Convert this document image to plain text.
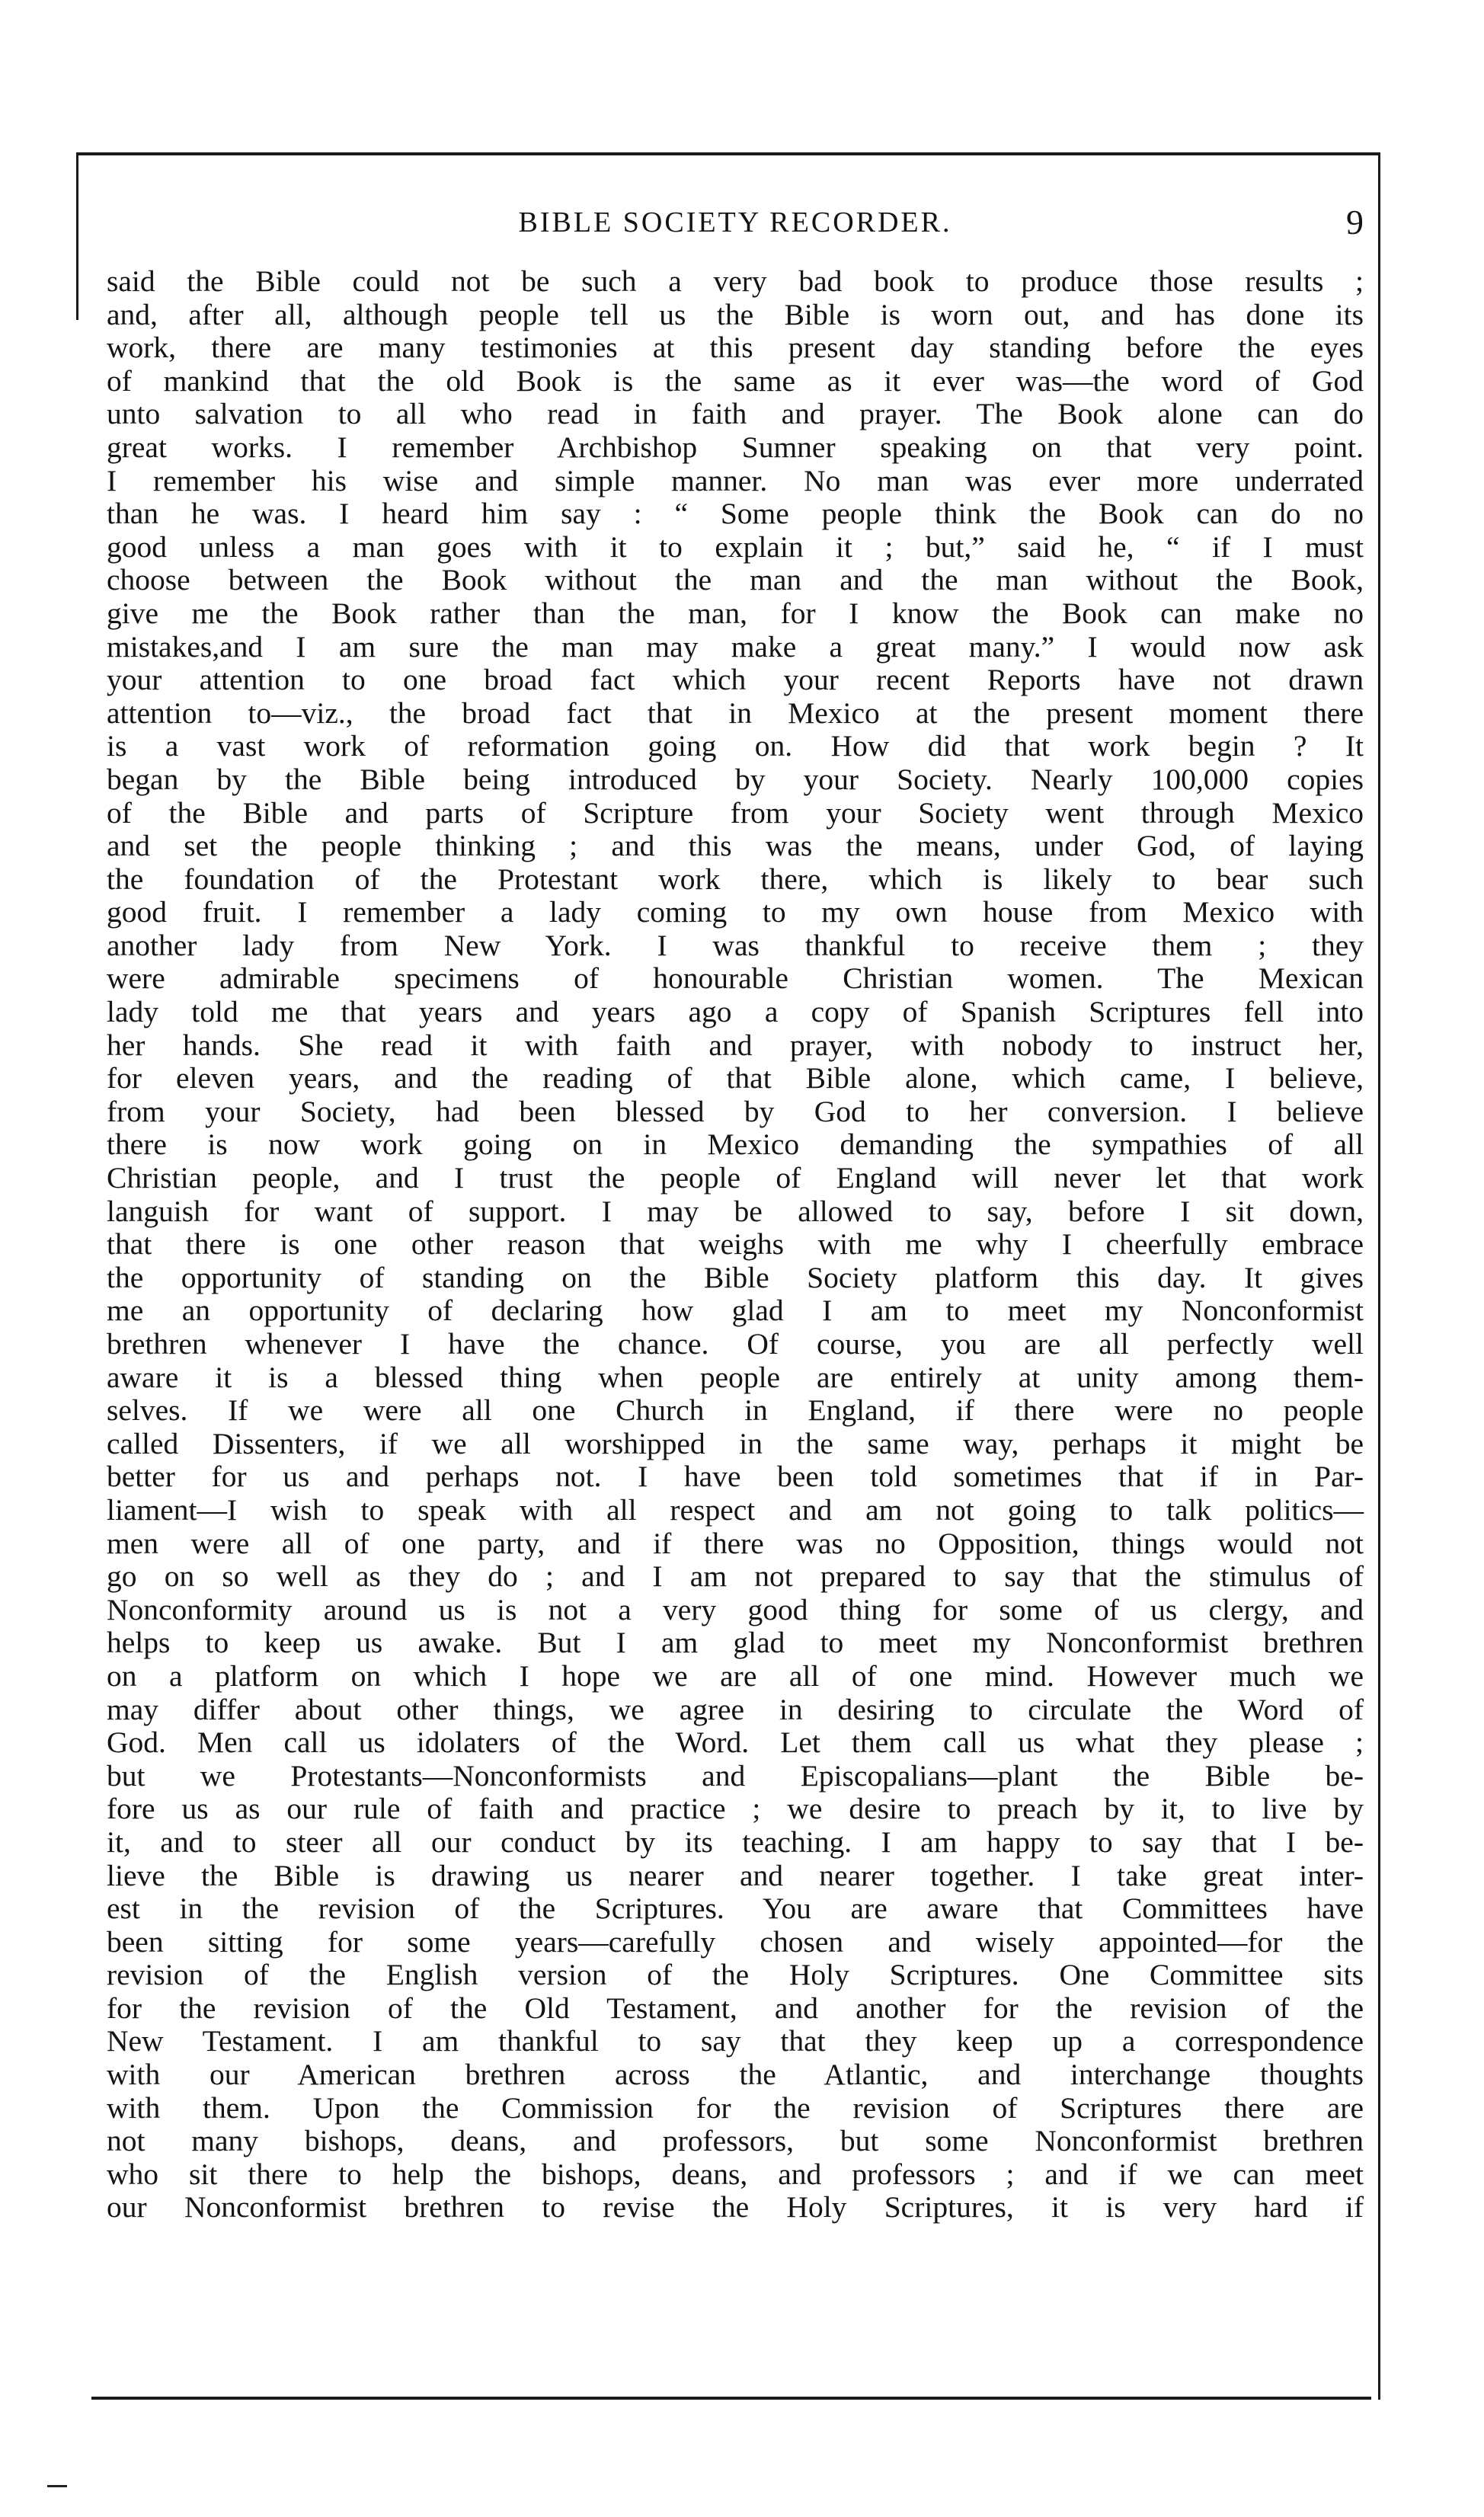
BIBLE SOCIETY RECORDER.	9
said the Bible could not be such a very bad book to produce those results ;
and, after all, although people tell us the Bible is worn out, and has done its
work, there are many testimonies at this present day standing before the eyes
of mankind that the old Book is the same as it ever was—the word of God
unto salvation to all who read in faith and prayer. The Book alone can do
great works. I remember Archbishop Sumner speaking on that very point.
I remember his wise and simple manner. No man was ever more underrated
than he was. I heard him say : “ Some people think the Book can do no
good unless a man goes with it to explain it ; but,” said he, “ if I must
choose between the Book without the man and the man without the Book,
give me the Book rather than the man, for I know the Book can make no
mistakes,and I am sure the man may make a great many.” I would now ask
your attention to one broad fact which your recent Reports have not drawn
attention to—viz., the broad fact that in Mexico at the present moment there
is a vast work of reformation going on. How did that work begin ? It
began by the Bible being introduced by your Society. Nearly 100,000 copies
of the Bible and parts of Scripture from your Society went through Mexico
and set the people thinking ; and this was the means, under God, of laying
the foundation of the Protestant work there, which is likely to bear such
good fruit. I remember a lady coming to my own house from Mexico with
another lady from New York. I was thankful to receive them ; they
were admirable specimens of honourable Christian women. The Mexican
lady told me that years and years ago a copy of Spanish Scriptures fell into
her hands. She read it with faith and prayer, with nobody to instruct her,
for eleven years, and the reading of that Bible alone, which came, I believe,
from your Society, had been blessed by God to her conversion. I believe
there is now work going on in Mexico demanding the sympathies of all
Christian people, and I trust the people of England will never let that work
languish for want of support. I may be allowed to say, before I sit down,
that there is one other reason that weighs with me why I cheerfully embrace
the opportunity of standing on the Bible Society platform this day. It gives
me an opportunity of declaring how glad I am to meet my Nonconformist
brethren whenever I have the chance. Of course, you are all perfectly well
aware it is a blessed thing when people are entirely at unity among them-
selves. If we were all one Church in England, if there were no people
called Dissenters, if we all worshipped in the same way, perhaps it might be
better for us and perhaps not. I have been told sometimes that if in Par-
liament—I wish to speak with all respect and am not going to talk politics—
men were all of one party, and if there was no Opposition, things would not
go on so well as they do ; and I am not prepared to say that the stimulus of
Nonconformity around us is not a very good thing for some of us clergy, and
helps to keep us awake. But I am glad to meet my Nonconformist brethren
on a platform on which I hope we are all of one mind. However much we
may differ about other things, we agree in desiring to circulate the Word of
God. Men call us idolaters of the Word. Let them call us what they please ;
but we Protestants—Nonconformists and Episcopalians—plant the Bible be-
fore us as our rule of faith and practice ; we desire to preach by it, to live by
it, and to steer all our conduct by its teaching. I am happy to say that I be-
lieve the Bible is drawing us nearer and nearer together. I take great inter-
est in the revision of the Scriptures. You are aware that Committees have
been sitting for some years—carefully chosen and wisely appointed—for the
revision of the English version of the Holy Scriptures. One Committee sits
for the revision of the Old Testament, and another for the revision of the
New Testament. I am thankful to say that they keep up a correspondence
with our American brethren across the Atlantic, and interchange thoughts
with them. Upon the Commission for the revision of Scriptures there are
not many bishops, deans, and professors, but some Nonconformist brethren
who sit there to help the bishops, deans, and professors ; and if we can meet
our Nonconformist brethren to revise the Holy Scriptures, it is very hard if
